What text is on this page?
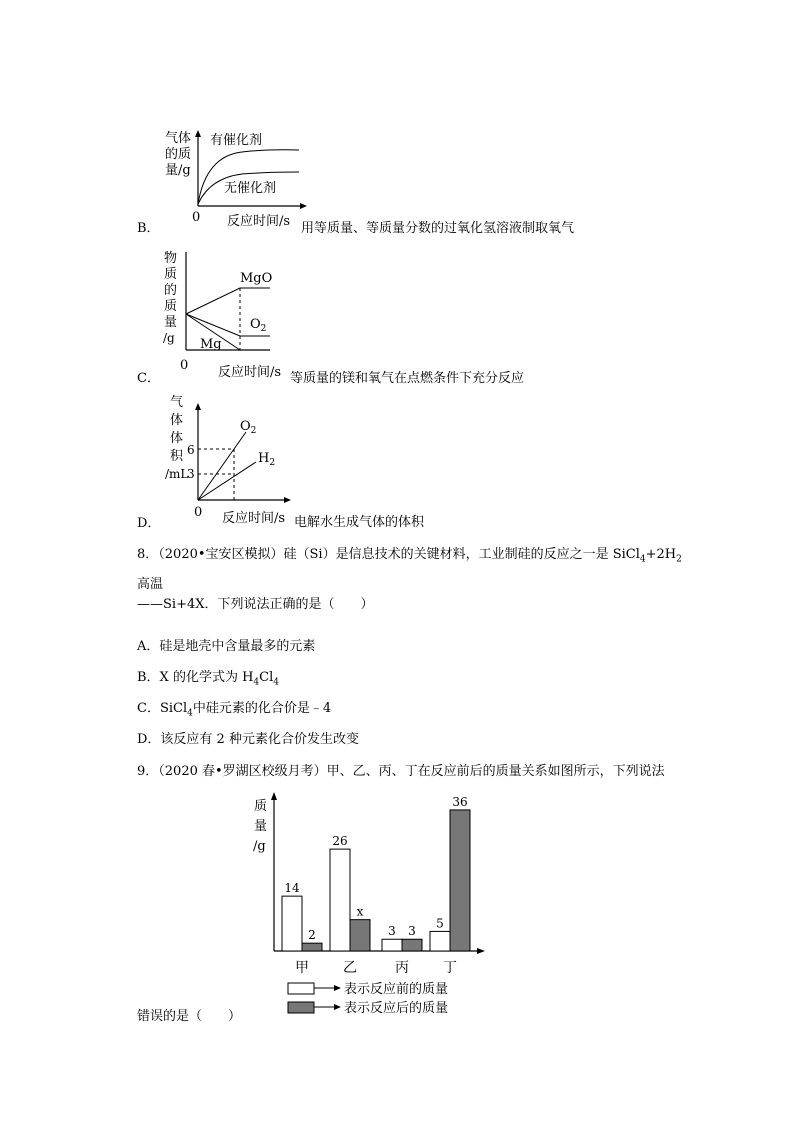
气体
的质
量/g
有催化剂
无催化剂
B．
0 反应时间/s 用等质量、等质量分数的过氧化氢溶液制取氧气
物
质
的
质
量
/g
MgO
$O_2$
Mg
C．
0 反应时间/s 等质量的镁和氧气在点燃条件下充分反应
气
体
体
积 6
/mL
3
$O_2$
$H_2$
D．
0 反应时间/s 电解水生成气体的体积
8．（2020•宝安区模拟）硅（Si）是信息技术的关键材料，工业制硅的反应之一是 $SiCl_4+2H_2$
高温
——Si+4X．下列说法正确的是（　　）
A．硅是地壳中含量最多的元素
B．X 的化学式为 $H_4Cl_4$
C．SiCl$_4$中硅元素的化合价是﹣4
D．该反应有 2 种元素化合价发生改变
9．（2020 春•罗湖区校级月考）甲、乙、丙、丁在反应前后的质量关系如图所示，下列说法
质
量
/g
14
2
甲
26
x
乙
3 3
丙
5
36
丁
表示反应前的质量
表示反应后的质量
错误的是（　　）
